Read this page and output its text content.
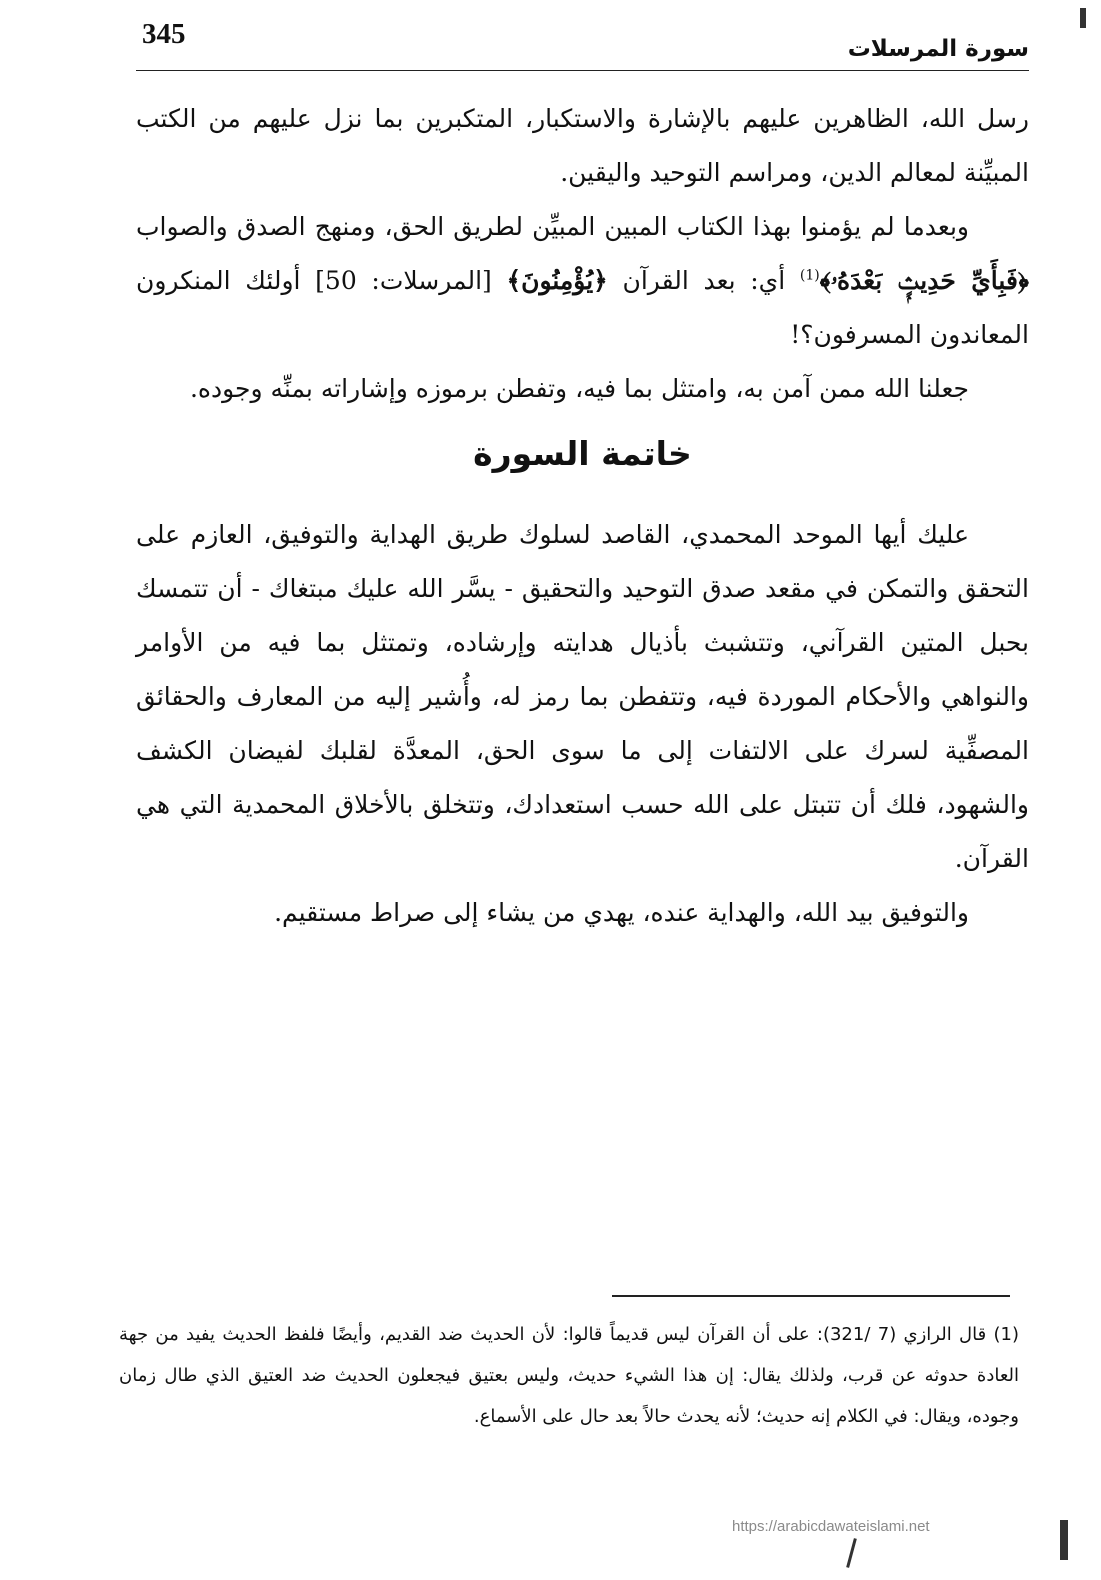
345	سورة المرسلات

رسل الله، الظاهرين عليهم بالإشارة والاستكبار، المتكبرين بما نزل عليهم من الكتب المبيِّنة لمعالم الدين، ومراسم التوحيد واليقين.

وبعدما لم يؤمنوا بهذا الكتاب المبين المبيِّن لطريق الحق، ومنهج الصدق والصواب ﴿فَبِأَيِّ حَدِيثٍۭ بَعْدَهُۥ﴾$^{(1)}$ أي: بعد القرآن ﴿يُؤْمِنُونَ﴾ [المرسلات: 50] أولئك المنكرون المعاندون المسرفون؟!

جعلنا الله ممن آمن به، وامتثل بما فيه، وتفطن برموزه وإشاراته بمنِّه وجوده.

خاتمة السورة

عليك أيها الموحد المحمدي، القاصد لسلوك طريق الهداية والتوفيق، العازم على التحقق والتمكن في مقعد صدق التوحيد والتحقيق - يسَّر الله عليك مبتغاك - أن تتمسك بحبل المتين القرآني، وتتشبث بأذيال هدايته وإرشاده، وتمتثل بما فيه من الأوامر والنواهي والأحكام الموردة فيه، وتتفطن بما رمز له، وأُشير إليه من المعارف والحقائق المصفِّية لسرك على الالتفات إلى ما سوى الحق، المعدَّة لقلبك لفيضان الكشف والشهود، فلك أن تتبتل على الله حسب استعدادك، وتتخلق بالأخلاق المحمدية التي هي القرآن.

والتوفيق بيد الله، والهداية عنده، يهدي من يشاء إلى صراط مستقيم.

(1) قال الرازي (7 /321): على أن القرآن ليس قديماً قالوا: لأن الحديث ضد القديم، وأيضًا فلفظ الحديث يفيد من جهة العادة حدوثه عن قرب، ولذلك يقال: إن هذا الشيء حديث، وليس بعتيق فيجعلون الحديث ضد العتيق الذي طال زمان وجوده، ويقال: في الكلام إنه حديث؛ لأنه يحدث حالاً بعد حال على الأسماع.

https://arabicdawateislami.net
